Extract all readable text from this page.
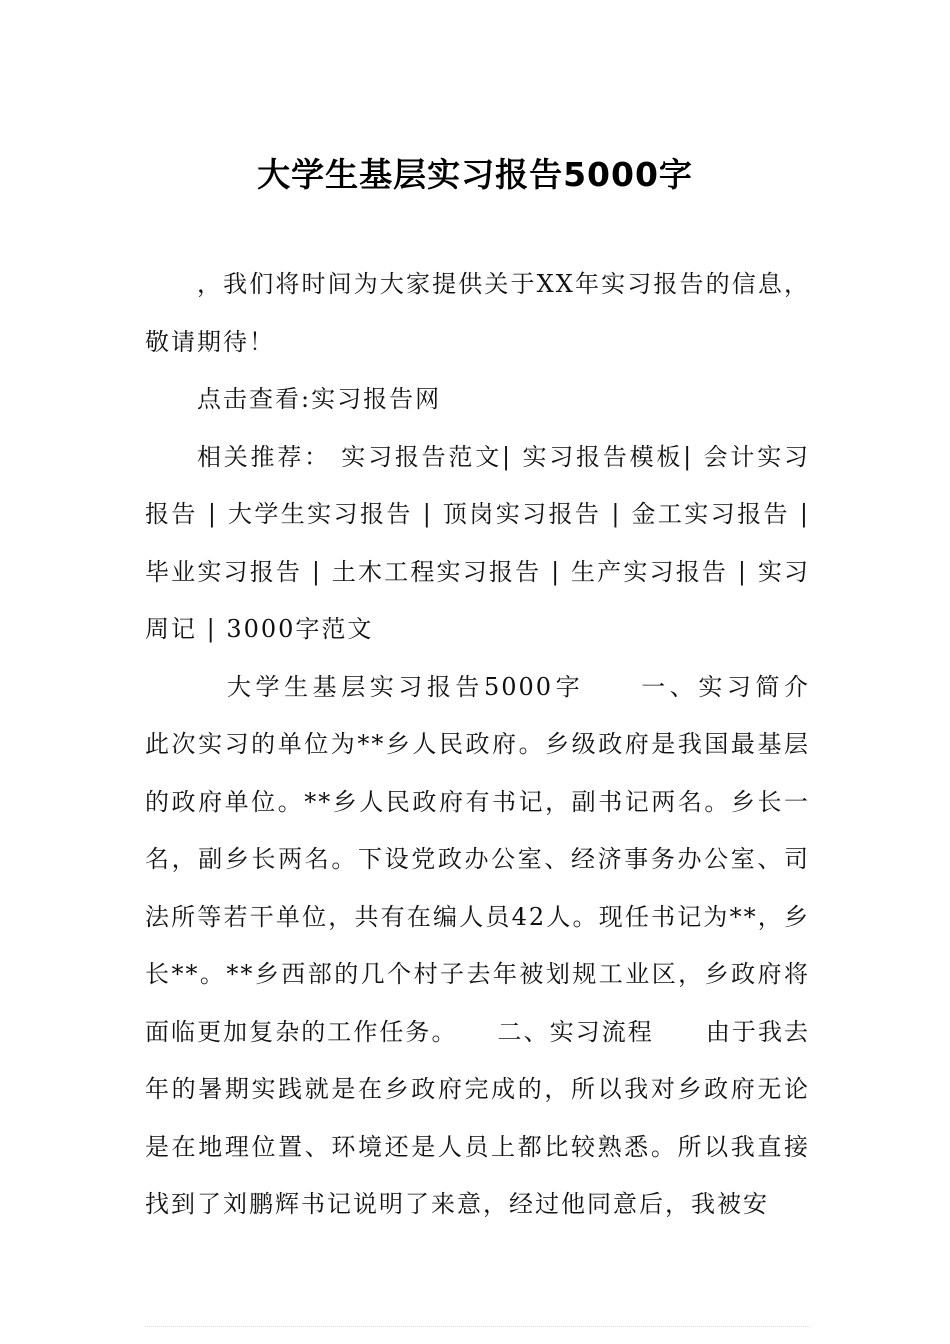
大学生基层实习报告5000字

，我们将时间为大家提供关于XX年实习报告的信息，敬请期待！

点击查看:实习报告网

相关推荐： 实习报告范文| 实习报告模板| 会计实习报告 | 大学生实习报告 | 顶岗实习报告 | 金工实习报告 | 毕业实习报告 | 土木工程实习报告 | 生产实习报告 | 实习周记 | 3000字范文

大学生基层实习报告5000字　　一、实习简介　　此次实习的单位为**乡人民政府。乡级政府是我国最基层的政府单位。**乡人民政府有书记，副书记两名。乡长一名，副乡长两名。下设党政办公室、经济事务办公室、司法所等若干单位，共有在编人员42人。现任书记为**，乡长**。**乡西部的几个村子去年被划规工业区，乡政府将面临更加复杂的工作任务。　　二、实习流程　　由于我去年的暑期实践就是在乡政府完成的，所以我对乡政府无论是在地理位置、环境还是人员上都比较熟悉。所以我直接找到了刘鹏辉书记说明了来意，经过他同意后，我被安
